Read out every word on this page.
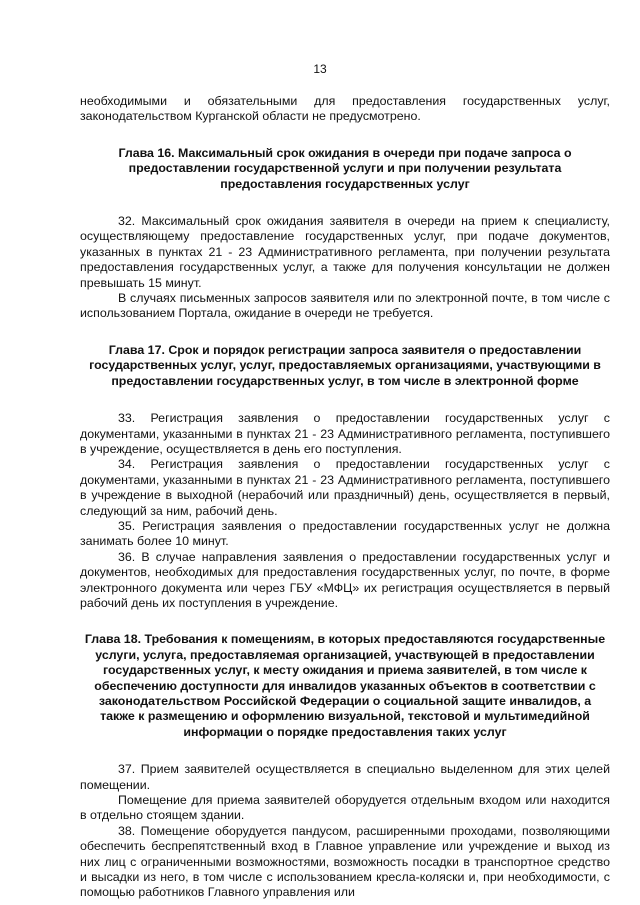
13

необходимыми и обязательными для предоставления государственных услуг, законодательством Курганской области не предусмотрено.

Глава 16. Максимальный срок ожидания в очереди при подаче запроса о предоставлении государственной услуги и при получении результата предоставления государственных услуг

32. Максимальный срок ожидания заявителя в очереди на прием к специалисту, осуществляющему предоставление государственных услуг, при подаче документов, указанных в пунктах 21 - 23 Административного регламента, при получении результата предоставления государственных услуг, а также для получения консультации не должен превышать 15 минут.

В случаях письменных запросов заявителя или по электронной почте, в том числе с использованием Портала, ожидание в очереди не требуется.

Глава 17. Срок и порядок регистрации запроса заявителя о предоставлении государственных услуг, услуг, предоставляемых организациями, участвующими в предоставлении государственных услуг, в том числе в электронной форме

33. Регистрация заявления о предоставлении государственных услуг с документами, указанными в пунктах 21 - 23 Административного регламента, поступившего в учреждение, осуществляется в день его поступления.

34. Регистрация заявления о предоставлении государственных услуг с документами, указанными в пунктах 21 - 23 Административного регламента, поступившего в учреждение в выходной (нерабочий или праздничный) день, осуществляется в первый, следующий за ним, рабочий день.

35. Регистрация заявления о предоставлении государственных услуг не должна занимать более 10 минут.

36. В случае направления заявления о предоставлении государственных услуг и документов, необходимых для предоставления государственных услуг, по почте, в форме электронного документа или через ГБУ «МФЦ» их регистрация осуществляется в первый рабочий день их поступления в учреждение.

Глава 18. Требования к помещениям, в которых предоставляются государственные услуги, услуга, предоставляемая организацией, участвующей в предоставлении государственных услуг, к месту ожидания и приема заявителей, в том числе к обеспечению доступности для инвалидов указанных объектов в соответствии с законодательством Российской Федерации о социальной защите инвалидов, а также к размещению и оформлению визуальной, текстовой и мультимедийной информации о порядке предоставления таких услуг

37. Прием заявителей осуществляется в специально выделенном для этих целей помещении.

Помещение для приема заявителей оборудуется отдельным входом или находится в отдельно стоящем здании.

38. Помещение оборудуется пандусом, расширенными проходами, позволяющими обеспечить беспрепятственный вход в Главное управление или учреждение и выход из них лиц с ограниченными возможностями, возможность посадки в транспортное средство и высадки из него, в том числе с использованием кресла-коляски и, при необходимости, с помощью работников Главного управления или
